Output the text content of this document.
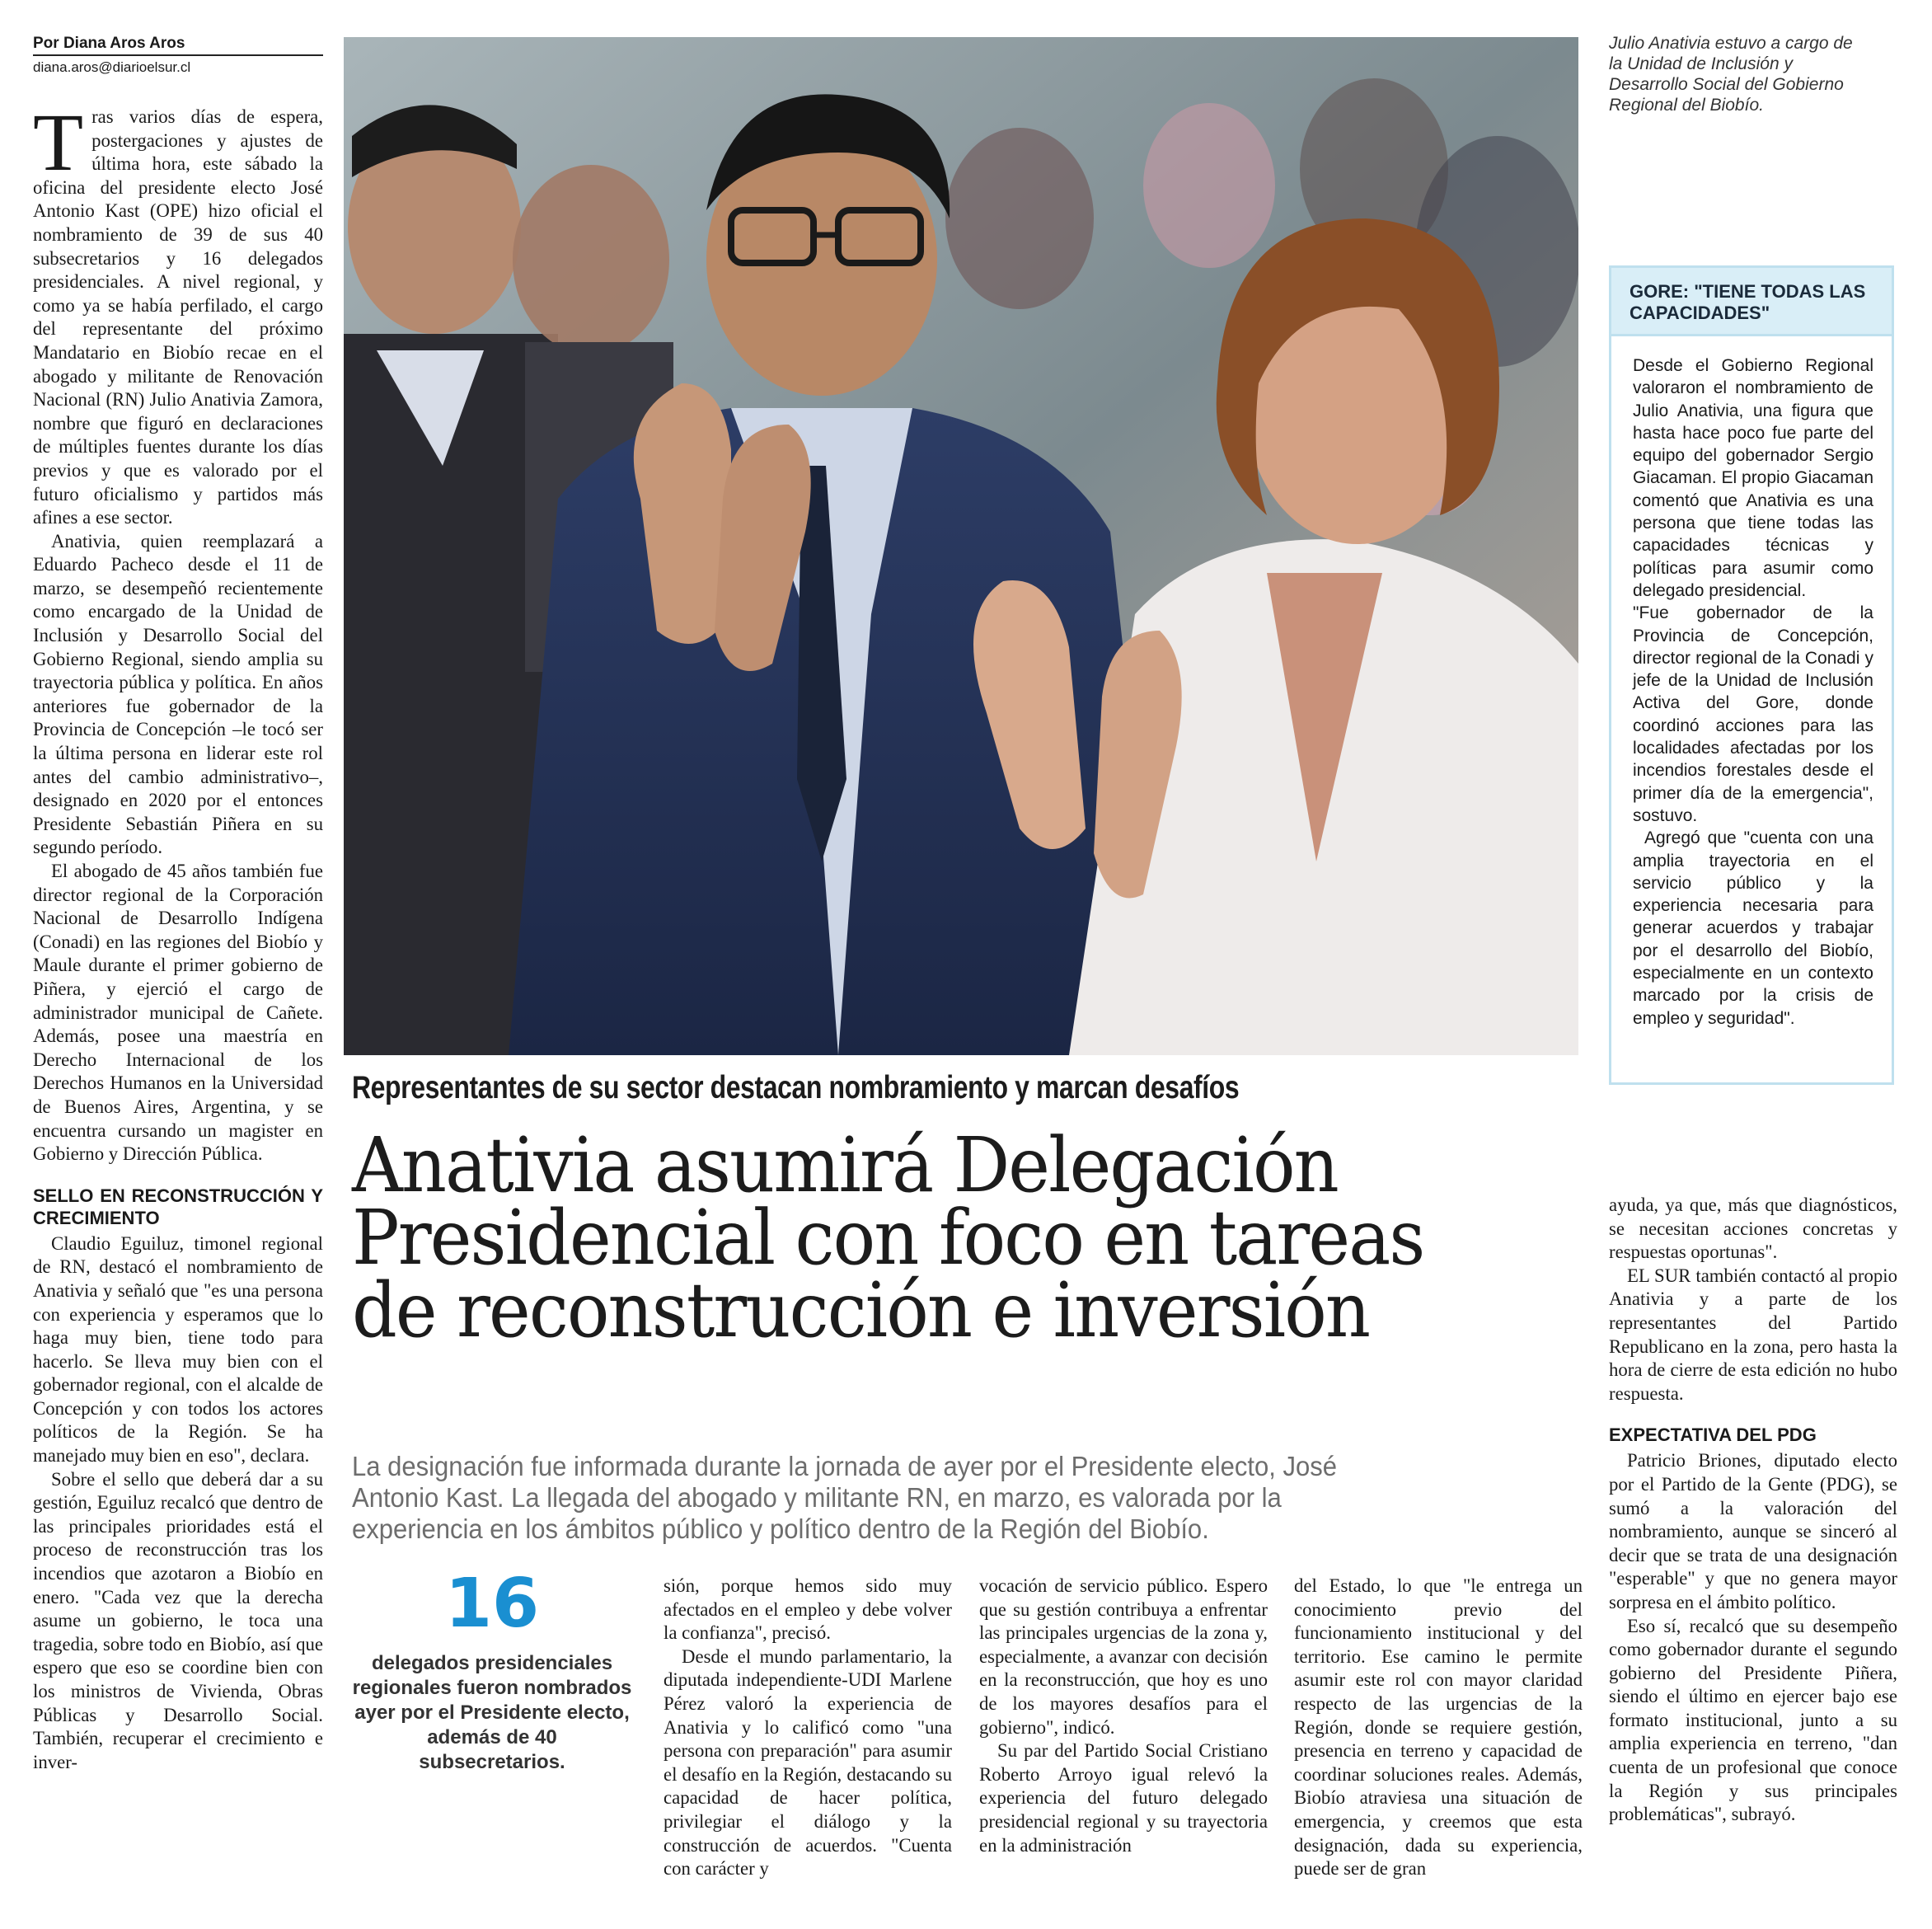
Por Diana Aros Aros
diana.aros@diarioelsur.cl

Tras varios días de espera, postergaciones y ajustes de última hora, este sábado la oficina del presidente electo José Antonio Kast (OPE) hizo oficial el nombramiento de 39 de sus 40 subsecretarios y 16 delegados presidenciales. A nivel regional, y como ya se había perfilado, el cargo del representante del próximo Mandatario en Biobío recae en el abogado y militante de Renovación Nacional (RN) Julio Anativia Zamora, nombre que figuró en declaraciones de múltiples fuentes durante los días previos y que es valorado por el futuro oficialismo y partidos más afines a ese sector.

Anativia, quien reemplazará a Eduardo Pacheco desde el 11 de marzo, se desempeñó recientemente como encargado de la Unidad de Inclusión y Desarrollo Social del Gobierno Regional, siendo amplia su trayectoria pública y política. En años anteriores fue gobernador de la Provincia de Concepción –le tocó ser la última persona en liderar este rol antes del cambio administrativo–, designado en 2020 por el entonces Presidente Sebastián Piñera en su segundo período.

El abogado de 45 años también fue director regional de la Corporación Nacional de Desarrollo Indígena (Conadi) en las regiones del Biobío y Maule durante el primer gobierno de Piñera, y ejerció el cargo de administrador municipal de Cañete. Además, posee una maestría en Derecho Internacional de los Derechos Humanos en la Universidad de Buenos Aires, Argentina, y se encuentra cursando un magister en Gobierno y Dirección Pública.

SELLO EN RECONSTRUCCIÓN Y CRECIMIENTO

Claudio Eguiluz, timonel regional de RN, destacó el nombramiento de Anativia y señaló que "es una persona con experiencia y esperamos que lo haga muy bien, tiene todo para hacerlo. Se lleva muy bien con el gobernador regional, con el alcalde de Concepción y con todos los actores políticos de la Región. Se ha manejado muy bien en eso", declara.

Sobre el sello que deberá dar a su gestión, Eguiluz recalcó que dentro de las principales prioridades está el proceso de reconstrucción tras los incendios que azotaron a Biobío en enero. "Cada vez que la derecha asume un gobierno, le toca una tragedia, sobre todo en Biobío, así que espero que eso se coordine bien con los ministros de Vivienda, Obras Públicas y Desarrollo Social. También, recuperar el crecimiento e inver-

Julio Anativia estuvo a cargo de la Unidad de Inclusión y Desarrollo Social del Gobierno Regional del Biobío.
GORE: "TIENE TODAS LAS CAPACIDADES"

Desde el Gobierno Regional valoraron el nombramiento de Julio Anativia, una figura que hasta hace poco fue parte del equipo del gobernador Sergio Giacaman. El propio Giacaman comentó que Anativia es una persona que tiene todas las capacidades técnicas y políticas para asumir como delegado presidencial.

"Fue gobernador de la Provincia de Concepción, director regional de la Conadi y jefe de la Unidad de Inclusión Activa del Gore, donde coordinó acciones para las localidades afectadas por los incendios forestales desde el primer día de la emergencia", sostuvo.

Agregó que "cuenta con una amplia trayectoria en el servicio público y la experiencia necesaria para generar acuerdos y trabajar por el desarrollo del Biobío, especialmente en un contexto marcado por la crisis de empleo y seguridad".

Representantes de su sector destacan nombramiento y marcan desafíos
Anativia asumirá Delegación
Presidencial con foco en tareas
de reconstrucción e inversión
La designación fue informada durante la jornada de ayer por el Presidente electo, José
Antonio Kast. La llegada del abogado y militante RN, en marzo, es valorada por la
experiencia en los ámbitos público y político dentro de la Región del Biobío.
16
delegados presidenciales regionales fueron nombrados ayer por el Presidente electo, además de 40 subsecretarios.

sión, porque hemos sido muy afectados en el empleo y debe volver la confianza", precisó.

Desde el mundo parlamentario, la diputada independiente-UDI Marlene Pérez valoró la experiencia de Anativia y lo calificó como "una persona con preparación" para asumir el desafío en la Región, destacando su capacidad de hacer política, privilegiar el diálogo y la construcción de acuerdos. "Cuenta con carácter y

vocación de servicio público. Espero que su gestión contribuya a enfrentar las principales urgencias de la zona y, especialmente, a avanzar con decisión en la reconstrucción, que hoy es uno de los mayores desafíos para el gobierno", indicó.

Su par del Partido Social Cristiano Roberto Arroyo igual relevó la experiencia del futuro delegado presidencial regional y su trayectoria en la administración

del Estado, lo que "le entrega un conocimiento previo del funcionamiento institucional y del territorio. Ese camino le permite asumir este rol con mayor claridad respecto de las urgencias de la Región, donde se requiere gestión, presencia en terreno y capacidad de coordinar soluciones reales. Además, Biobío atraviesa una situación de emergencia, y creemos que esta designación, dada su experiencia, puede ser de gran

ayuda, ya que, más que diagnósticos, se necesitan acciones concretas y respuestas oportunas".

EL SUR también contactó al propio Anativia y a parte de los representantes del Partido Republicano en la zona, pero hasta la hora de cierre de esta edición no hubo respuesta.

EXPECTATIVA DEL PDG

Patricio Briones, diputado electo por el Partido de la Gente (PDG), se sumó a la valoración del nombramiento, aunque se sinceró al decir que se trata de una designación "esperable" y que no genera mayor sorpresa en el ámbito político.

Eso sí, recalcó que su desempeño como gobernador durante el segundo gobierno del Presidente Piñera, siendo el último en ejercer bajo ese formato institucional, junto a su amplia experiencia en terreno, "dan cuenta de un profesional que conoce la Región y sus principales problemáticas", subrayó.
